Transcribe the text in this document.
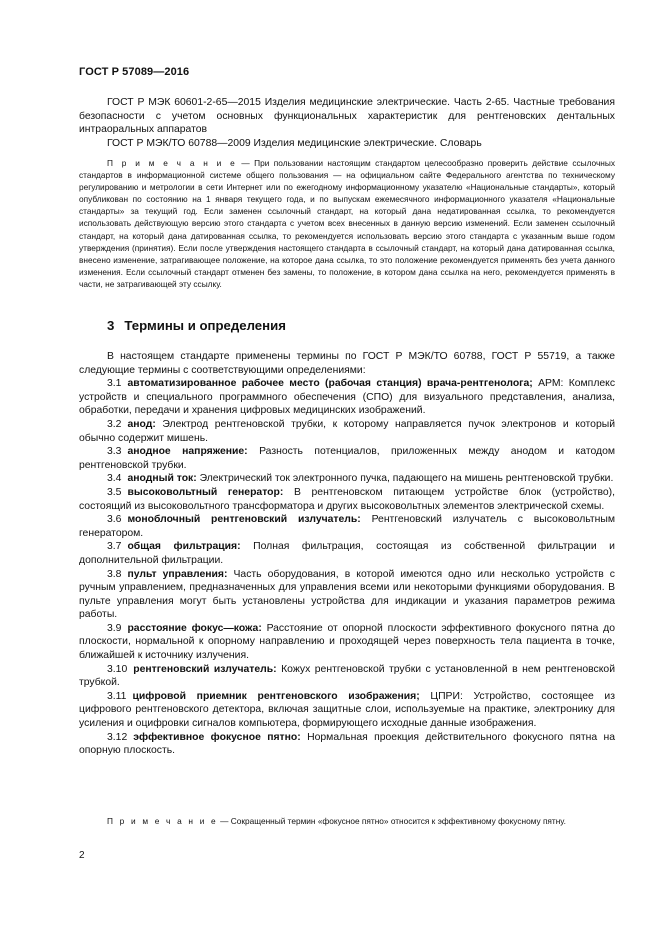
ГОСТ Р 57089—2016

ГОСТ Р МЭК 60601-2-65—2015 Изделия медицинские электрические. Часть 2-65. Частные требования безопасности с учетом основных функциональных характеристик для рентгеновских дентальных интраоральных аппаратов

ГОСТ Р МЭК/ТО 60788—2009 Изделия медицинские электрические. Словарь

П р и м е ч а н и е — При пользовании настоящим стандартом целесообразно проверить действие ссылочных стандартов в информационной системе общего пользования — на официальном сайте Федерального агентства по техническому регулированию и метрологии в сети Интернет или по ежегодному информационному указателю «Национальные стандарты», который опубликован по состоянию на 1 января текущего года, и по выпускам ежемесячного информационного указателя «Национальные стандарты» за текущий год. Если заменен ссылочный стандарт, на который дана недатированная ссылка, то рекомендуется использовать действующую версию этого стандарта с учетом всех внесенных в данную версию изменений. Если заменен ссылочный стандарт, на который дана датированная ссылка, то рекомендуется использовать версию этого стандарта с указанным выше годом утверждения (принятия). Если после утверждения настоящего стандарта в ссылочный стандарт, на который дана датированная ссылка, внесено изменение, затрагивающее положение, на которое дана ссылка, то это положение рекомендуется применять без учета данного изменения. Если ссылочный стандарт отменен без замены, то положение, в котором дана ссылка на него, рекомендуется применять в части, не затрагивающей эту ссылку.

3 Термины и определения

В настоящем стандарте применены термины по ГОСТ Р МЭК/ТО 60788, ГОСТ Р 55719, а также следующие термины с соответствующими определениями:

3.1 автоматизированное рабочее место (рабочая станция) врача-рентгенолога; АРМ: Комплекс устройств и специального программного обеспечения (СПО) для визуального представления, анализа, обработки, передачи и хранения цифровых медицинских изображений.

3.2 анод: Электрод рентгеновской трубки, к которому направляется пучок электронов и который обычно содержит мишень.

3.3 анодное напряжение: Разность потенциалов, приложенных между анодом и катодом рентгеновской трубки.

3.4 анодный ток: Электрический ток электронного пучка, падающего на мишень рентгеновской трубки.

3.5 высоковольтный генератор: В рентгеновском питающем устройстве блок (устройство), состоящий из высоковольтного трансформатора и других высоковольтных элементов электрической схемы.

3.6 моноблочный рентгеновский излучатель: Рентгеновский излучатель с высоковольтным генератором.

3.7 общая фильтрация: Полная фильтрация, состоящая из собственной фильтрации и дополнительной фильтрации.

3.8 пульт управления: Часть оборудования, в которой имеются одно или несколько устройств с ручным управлением, предназначенных для управления всеми или некоторыми функциями оборудования. В пульте управления могут быть установлены устройства для индикации и указания параметров режима работы.

3.9 расстояние фокус—кожа: Расстояние от опорной плоскости эффективного фокусного пятна до плоскости, нормальной к опорному направлению и проходящей через поверхность тела пациента в точке, ближайшей к источнику излучения.

3.10 рентгеновский излучатель: Кожух рентгеновской трубки с установленной в нем рентгеновской трубкой.

3.11 цифровой приемник рентгеновского изображения; ЦПРИ: Устройство, состоящее из цифрового рентгеновского детектора, включая защитные слои, используемые на практике, электронику для усиления и оцифровки сигналов компьютера, формирующего исходные данные изображения.

3.12 эффективное фокусное пятно: Нормальная проекция действительного фокусного пятна на опорную плоскость.

П р и м е ч а н и е — Сокращенный термин «фокусное пятно» относится к эффективному фокусному пятну.

2
